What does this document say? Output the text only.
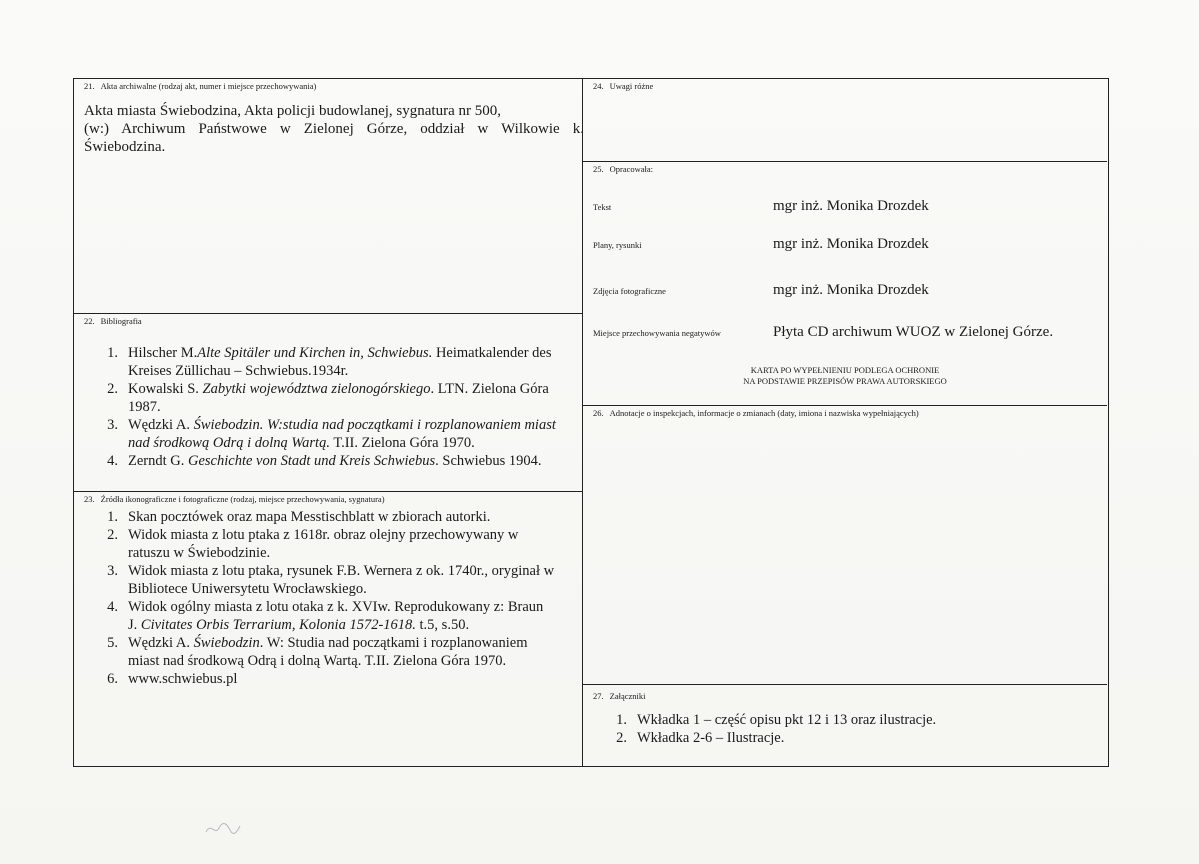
21. Akta archiwalne (rodzaj akt, numer i miejsce przechowywania)
Akta miasta Świebodzina, Akta policji budowlanej, sygnatura nr 500,
(w:) Archiwum Państwowe w Zielonej Górze, oddział w Wilkowie k.
Świebodzina.
22. Bibliografia
1. Hilscher M.Alte Spitäler und Kirchen in, Schwiebus. Heimatkalender des Kreises Züllichau – Schwiebus.1934r.
2. Kowalski S. Zabytki województwa zielonogórskiego. LTN. Zielona Góra 1987.
3. Wędzki A. Świebodzin. W:studia nad początkami i rozplanowaniem miast nad środkową Odrą i dolną Wartą. T.II. Zielona Góra 1970.
4. Zerndt G. Geschichte von Stadt und Kreis Schwiebus. Schwiebus 1904.
23. Źródła ikonograficzne i fotograficzne (rodzaj, miejsce przechowywania, sygnatura)
1. Skan pocztówek oraz mapa Messtischblatt w zbiorach autorki.
2. Widok miasta z lotu ptaka z 1618r. obraz olejny przechowywany w ratuszu w Świebodzinie.
3. Widok miasta z lotu ptaka, rysunek F.B. Wernera z ok. 1740r., oryginał w Bibliotece Uniwersytetu Wrocławskiego.
4. Widok ogólny miasta z lotu otaka z k. XVIw. Reprodukowany z: Braun J. Civitates Orbis Terrarium, Kolonia 1572-1618. t.5, s.50.
5. Wędzki A. Świebodzin. W: Studia nad początkami i rozplanowaniem miast nad środkową Odrą i dolną Wartą. T.II. Zielona Góra 1970.
6. www.schwiebus.pl
24. Uwagi różne
25. Opracowała:
Tekst	mgr inż. Monika Drozdek
Plany, rysunki	mgr inż. Monika Drozdek
Zdjęcia fotograficzne	mgr inż. Monika Drozdek
Miejsce przechowywania negatywów	Płyta CD archiwum WUOZ w Zielonej Górze.
KARTA PO WYPEŁNIENIU PODLEGA OCHRONIE
NA PODSTAWIE PRZEPISÓW PRAWA AUTORSKIEGO
26. Adnotacje o inspekcjach, informacje o zmianach (daty, imiona i nazwiska wypełniających)
27. Załączniki
1. Wkładka 1 – część opisu pkt 12 i 13 oraz ilustracje.
2. Wkładka 2-6 – Ilustracje.
